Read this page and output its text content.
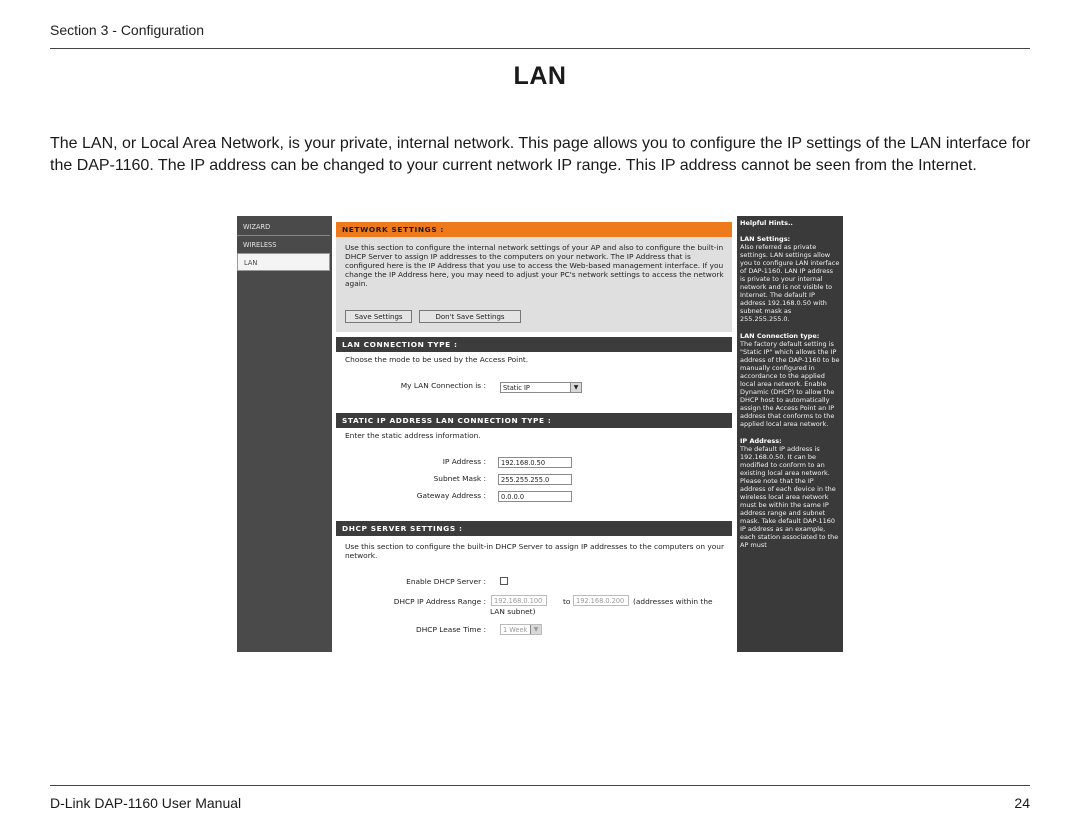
Section 3 - Configuration
LAN
The LAN, or Local Area Network, is your private, internal network. This page allows you to configure the IP settings of the LAN interface for the DAP-1160. The IP address can be changed to your current network IP range. This IP address cannot be seen from the Internet.
WIZARD
WIRELESS
LAN
NETWORK SETTINGS :
Use this section to configure the internal network settings of your AP and also to configure the built-in DHCP Server to assign IP addresses to the computers on your network. The IP Address that is configured here is the IP Address that you use to access the Web-based management interface. If you change the IP Address here, you may need to adjust your PC's network settings to access the network again.
Save Settings	Don't Save Settings
LAN CONNECTION TYPE :
Choose the mode to be used by the Access Point.
My LAN Connection is :	Static IP	▼
STATIC IP ADDRESS LAN CONNECTION TYPE :
Enter the static address information.
IP Address :	192.168.0.50
Subnet Mask :	255.255.255.0
Gateway Address :	0.0.0.0
DHCP SERVER SETTINGS :
Use this section to configure the built-in DHCP Server to assign IP addresses to the computers on your network.
Enable DHCP Server :
DHCP IP Address Range :	192.168.0.100	to 192.168.0.200	(addresses within the
LAN subnet)
DHCP Lease Time :	1 Week	▼
Helpful Hints..
LAN Settings:
Also referred as private settings. LAN settings allow you to configure LAN interface of DAP-1160. LAN IP address is private to your internal network and is not visible to Internet. The default IP address 192.168.0.50 with subnet mask as 255.255.255.0.
LAN Connection type:
The factory default setting is "Static IP" which allows the IP address of the DAP-1160 to be manually configured in accordance to the applied local area network. Enable Dynamic (DHCP) to allow the DHCP host to automatically assign the Access Point an IP address that conforms to the applied local area network.
IP Address:
The default IP address is 192.168.0.50. It can be modified to conform to an existing local area network. Please note that the IP address of each device in the wireless local area network must be within the same IP address range and subnet mask. Take default DAP-1160 IP address as an example, each station associated to the AP must
D-Link DAP-1160 User Manual	24
